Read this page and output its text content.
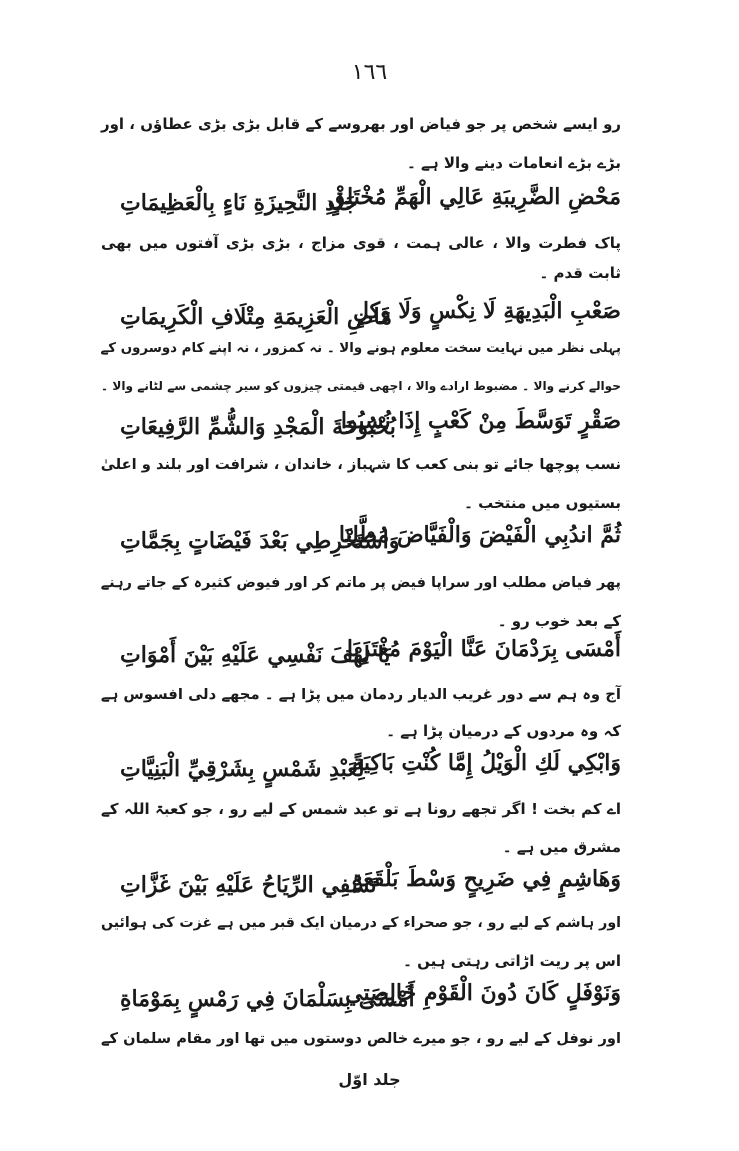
١٦٦
رو ایسے شخص پر جو فیاض اور بھروسے کے قابل بڑی بڑی عطاؤں ، اور
بڑے بڑے انعامات دینے والا ہے ۔
مَحْضِ الضَّرِيبَةِ عَالِي الْهَمِّ مُخْتَلِقٍ
جَلْدِ النَّحِيزَةِ نَاءٍ بِالْعَظِيمَاتِ
پاک فطرت والا ، عالی ہمت ، قوی مزاج ، بڑی بڑی آفتوں میں بھی
ثابت قدم ۔
صَعْبِ الْبَدِيهَةِ لَا نِكْسٍ وَلَا وَكِلٍ
مَاضِ الْعَزِيمَةِ مِتْلَافِ الْكَرِيمَاتِ
پہلی نظر میں نہایت سخت معلوم ہونے والا ۔ نہ کمزور ، نہ اپنے کام دوسروں کے
حوالے کرنے والا ۔ مضبوط ارادے والا ، اچھی قیمتی چیزوں کو سیر چشمی سے لٹانے والا ۔
صَقْرٍ تَوَسَّطَ مِنْ كَعْبٍ إِذَا نُسِبُوا
بُحْبُوحَةَ الْمَجْدِ وَالشُّمِّ الرَّفِيعَاتِ
نسب پوچھا جائے تو بنی کعب کا شہباز ، خاندان ، شرافت اور بلند و اعلیٰ
بستیوں میں منتخب ۔
ثُمَّ اندُبِي الْفَيْضَ وَالْفَيَّاضَ مُطَّلِبَا
وَاسْتَخْرِطِي بَعْدَ فَيْضَاتٍ بِجَمَّاتِ
پھر فیاض مطلب اور سراپا فیض پر ماتم کر اور فیوض کثیرہ کے جاتے رہنے
کے بعد خوب رو ۔
أَمْسَى بِرَدْمَانَ عَنَّا الْيَوْمَ مُغْتَرِبَا
يَا لَهْفَ نَفْسِي عَلَيْهِ بَيْنَ أَمْوَاتِ
آج وہ ہم سے دور غریب الدیار ردمان میں پڑا ہے ۔ مجھے دلی افسوس ہے
کہ وہ مردوں کے درمیان پڑا ہے ۔
وَابْكِي لَكِ الْوَيْلُ إِمَّا كُنْتِ بَاكِيَةً
لِعَبْدِ شَمْسٍ بِشَرْقِيِّ الْبَنِيَّاتِ
اے کم بخت ! اگر تجھے رونا ہے تو عبد شمس کے لیے رو ، جو کعبۃ اللہ کے
مشرق میں ہے ۔
وَهَاشِمٍ فِي ضَرِيحٍ وَسْطَ بَلْقَعَةٍ
تَسْفِي الرِّيَاحُ عَلَيْهِ بَيْنَ غَزَّاتِ
اور ہاشم کے لیے رو ، جو صحراء کے درمیان ایک قبر میں ہے غزت کی ہوائیں
اس پر ریت اڑاتی رہتی ہیں ۔
وَنَوْفَلٍ كَانَ دُونَ الْقَوْمِ خَالِصَتِي
أَمْسَى بِسَلْمَانَ فِي رَمْسٍ بِمَوْمَاةِ
اور نوفل کے لیے رو ، جو میرے خالص دوستوں میں تھا اور مقام سلمان کے
جلد اوّل
